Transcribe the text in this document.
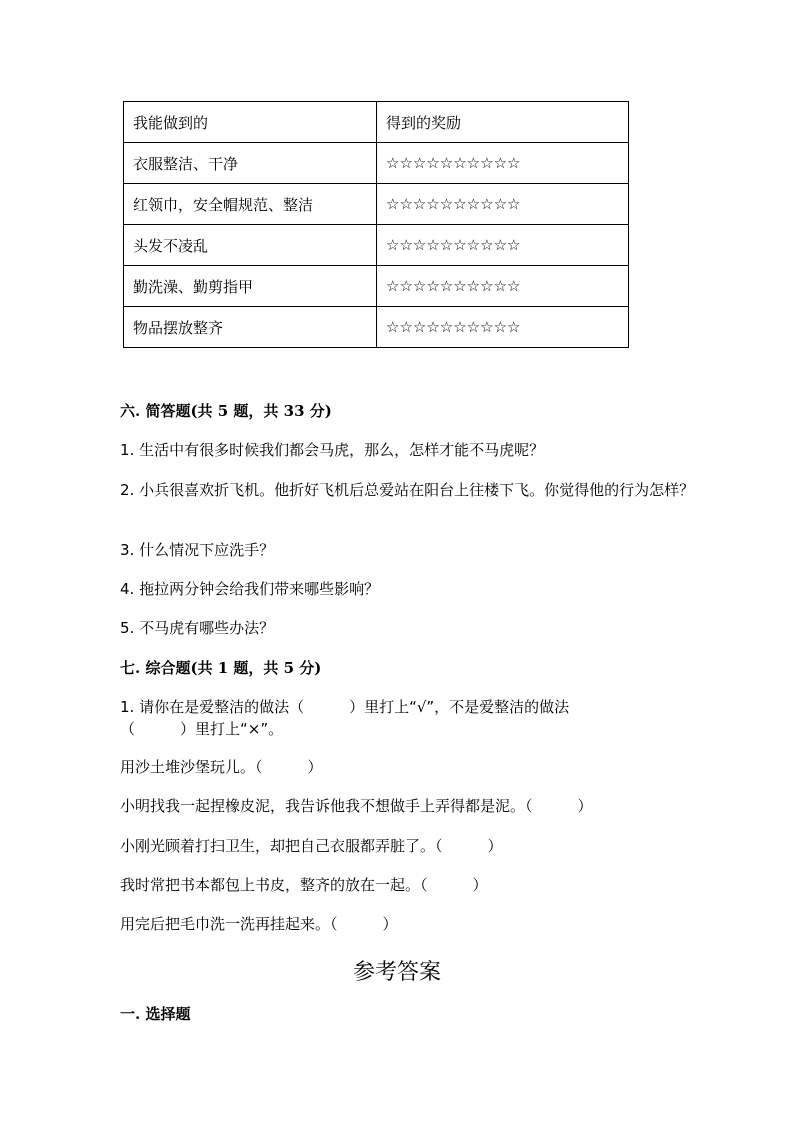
我能做到的	得到的奖励
衣服整洁、干净	☆☆☆☆☆☆☆☆☆☆
红领巾，安全帽规范、整洁	☆☆☆☆☆☆☆☆☆☆
头发不凌乱	☆☆☆☆☆☆☆☆☆☆
勤洗澡、勤剪指甲	☆☆☆☆☆☆☆☆☆☆
物品摆放整齐	☆☆☆☆☆☆☆☆☆☆
六. 简答题(共 5 题，共 33 分)
1. 生活中有很多时候我们都会马虎，那么，怎样才能不马虎呢？
2. 小兵很喜欢折飞机。他折好飞机后总爱站在阳台上往楼下飞。你觉得他的行为怎样？
3. 什么情况下应洗手？
4. 拖拉两分钟会给我们带来哪些影响？
5. 不马虎有哪些办法？
七. 综合题(共 1 题，共 5 分)
1. 请你在是爱整洁的做法（　　　）里打上“√”，不是爱整洁的做法（　　　）里打上“×”。
用沙土堆沙堡玩儿。（　　　）
小明找我一起捏橡皮泥，我告诉他我不想做手上弄得都是泥。（　　　）
小刚光顾着打扫卫生，却把自己衣服都弄脏了。（　　　）
我时常把书本都包上书皮，整齐的放在一起。（　　　）
用完后把毛巾洗一洗再挂起来。（　　　）
参考答案
一. 选择题
